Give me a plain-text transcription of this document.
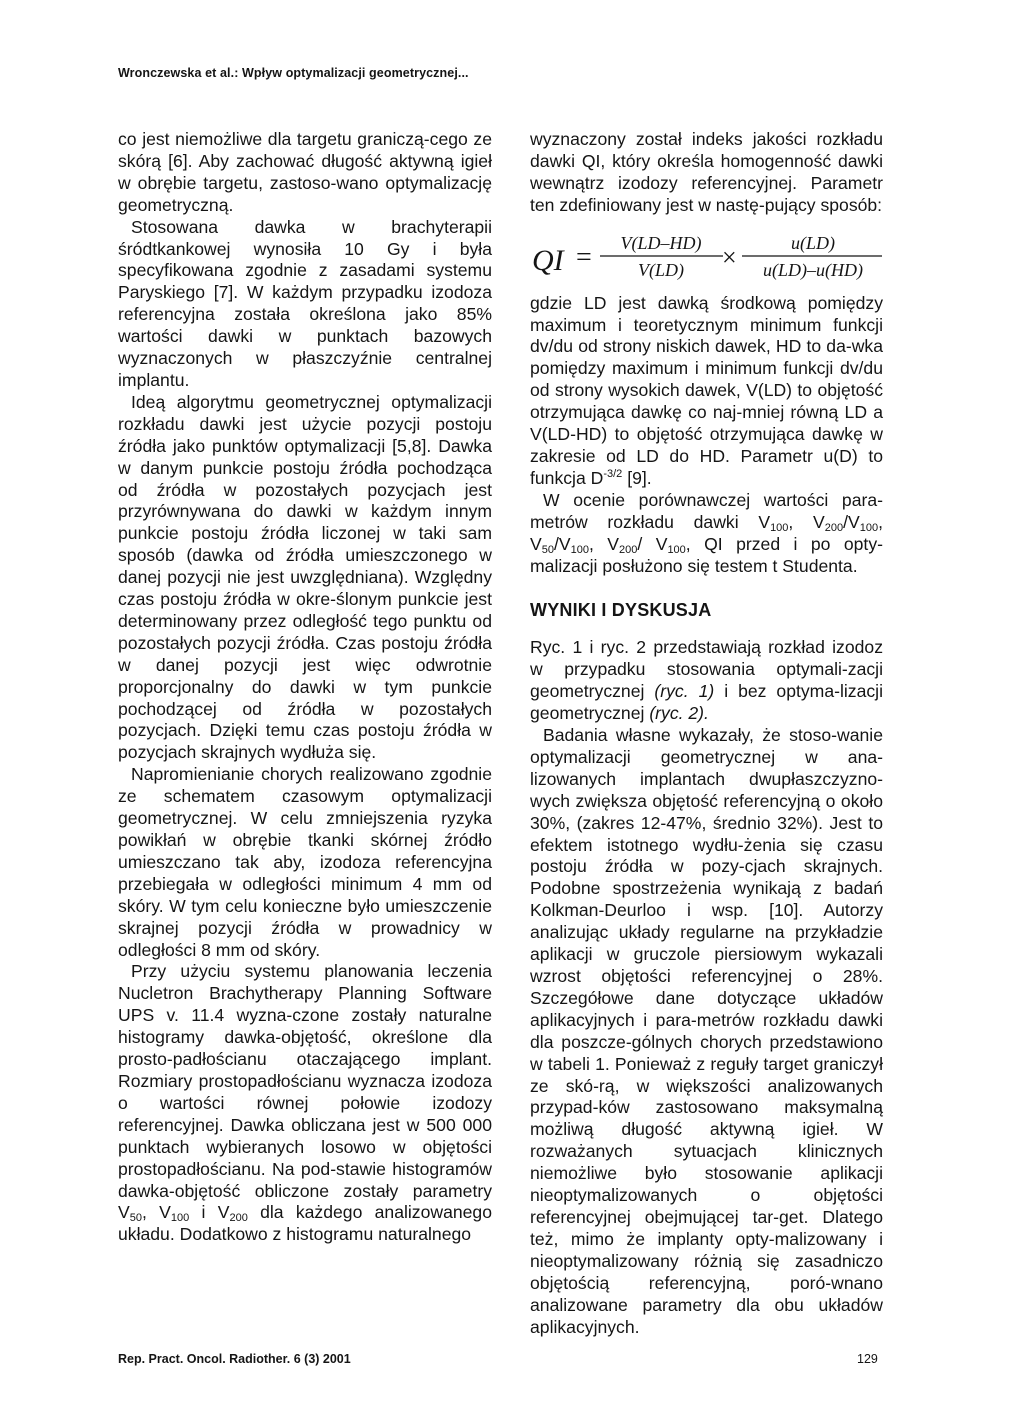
Wronczewska et al.: Wpływ optymalizacji geometrycznej...

co jest niemożliwe dla targetu graniczą-cego ze skórą [6]. Aby zachować długość aktywną igieł w obrębie targetu, zastoso-wano optymalizację geometryczną.

Stosowana dawka w brachyterapii śródtkankowej wynosiła 10 Gy i była specyfikowana zgodnie z zasadami systemu Paryskiego [7]. W każdym przypadku izodoza referencyjna została określona jako 85% wartości dawki w punktach bazowych wyznaczonych w płaszczyźnie centralnej implantu.

Ideą algorytmu geometrycznej optymalizacji rozkładu dawki jest użycie pozycji postoju źródła jako punktów optymalizacji [5,8]. Dawka w danym punkcie postoju źródła pochodząca od źródła w pozostałych pozycjach jest przyrównywana do dawki w każdym innym punkcie postoju źródła liczonej w taki sam sposób (dawka od źródła umieszczonego w danej pozycji nie jest uwzględniana). Względny czas postoju źródła w okre-ślonym punkcie jest determinowany przez odległość tego punktu od pozostałych pozycji źródła. Czas postoju źródła w danej pozycji jest więc odwrotnie proporcjonalny do dawki w tym punkcie pochodzącej od źródła w pozostałych pozycjach. Dzięki temu czas postoju źródła w pozycjach skrajnych wydłuża się.

Napromienianie chorych realizowano zgodnie ze schematem czasowym optymalizacji geometrycznej. W celu zmniejszenia ryzyka powikłań w obrębie tkanki skórnej źródło umieszczano tak aby, izodoza referencyjna przebiegała w odległości minimum 4 mm od skóry. W tym celu konieczne było umieszczenie skrajnej pozycji źródła w prowadnicy w odległości 8 mm od skóry.

Przy użyciu systemu planowania leczenia Nucletron Brachytherapy Planning Software UPS v. 11.4 wyzna-czone zostały naturalne histogramy dawka-objętość, określone dla prosto-padłościanu otaczającego implant. Rozmiary prostopadłościanu wyznacza izodoza o wartości równej połowie izodozy referencyjnej. Dawka obliczana jest w 500 000 punktach wybieranych losowo w objętości prostopadłościanu. Na pod-stawie histogramów dawka-objętość obliczone zostały parametry $V_{50}$, $V_{100}$ i $V_{200}$ dla każdego analizowanego układu. Dodatkowo z histogramu naturalnego

wyznaczony został indeks jakości rozkładu dawki QI, który określa homogenność dawki wewnątrz izodozy referencyjnej. Parametr ten zdefiniowany jest w nastę-pujący sposób:

QI = V(LD–HD)
V(LD) ×	u(LD)
u(LD)–u(HD)

gdzie LD jest dawką środkową pomiędzy maximum i teoretycznym minimum funkcji dv/du od strony niskich dawek, HD to da-wka pomiędzy maximum i minimum funkcji dv/du od strony wysokich dawek, V(LD) to objętość otrzymująca dawkę co naj-mniej równą LD a V(LD-HD) to objętość otrzymująca dawkę w zakresie od LD do HD. Parametr u(D) to funkcja $D^{-3/2}$ [9].

W ocenie porównawczej wartości para-metrów rozkładu dawki $V_{100}$, $V_{200}/V_{100}$, $V_{50}/V_{100}$, $V_{200}/$ $V_{100}$, QI przed i po opty-malizacji posłużono się testem t Studenta.

WYNIKI I DYSKUSJA

Ryc. 1 i ryc. 2 przedstawiają rozkład izodoz w przypadku stosowania optymali-zacji geometrycznej (ryc. 1) i bez optyma-lizacji geometrycznej (ryc. 2).

Badania własne wykazały, że stoso-wanie optymalizacji geometrycznej w ana-lizowanych implantach dwupłaszczyzno-wych zwiększa objętość referencyjną o około 30%, (zakres 12-47%, średnio 32%). Jest to efektem istotnego wydłu-żenia się czasu postoju źródła w pozy-cjach skrajnych. Podobne spostrzeżenia wynikają z badań Kolkman-Deurloo i wsp. [10]. Autorzy analizując układy regularne na przykładzie aplikacji w gruczole piersiowym wykazali wzrost objętości referencyjnej o 28%. Szczegółowe dane dotyczące układów aplikacyjnych i para-metrów rozkładu dawki dla poszcze-gólnych chorych przedstawiono w tabeli 1. Ponieważ z reguły target graniczył ze skó-rą, w większości analizowanych przypad-ków zastosowano maksymalną możliwą długość aktywną igieł. W rozważanych sytuacjach klinicznych niemożliwe było stosowanie aplikacji nieoptymalizowanych o objętości referencyjnej obejmującej tar-get. Dlatego też, mimo że implanty opty-malizowany i nieoptymalizowany różnią się zasadniczo objętością referencyjną, poró-wnano analizowane parametry dla obu układów aplikacyjnych.

Rep. Pract. Oncol. Radiother. 6 (3) 2001	129
